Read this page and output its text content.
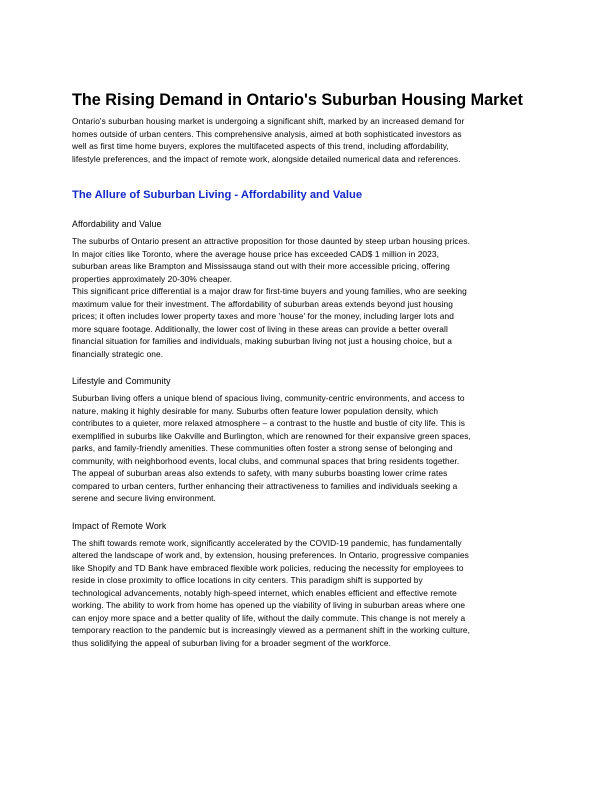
The Rising Demand in Ontario's Suburban Housing Market
Ontario's suburban housing market is undergoing a significant shift, marked by an increased demand for
homes outside of urban centers. This comprehensive analysis, aimed at both sophisticated investors as
well as first time home buyers, explores the multifaceted aspects of this trend, including affordability,
lifestyle preferences, and the impact of remote work, alongside detailed numerical data and references.
The Allure of Suburban Living - Affordability and Value
Affordability and Value
The suburbs of Ontario present an attractive proposition for those daunted by steep urban housing prices.
In major cities like Toronto, where the average house price has exceeded CAD$ 1 million in 2023,
suburban areas like Brampton and Mississauga stand out with their more accessible pricing, offering
properties approximately 20-30% cheaper.
This significant price differential is a major draw for first-time buyers and young families, who are seeking
maximum value for their investment. The affordability of suburban areas extends beyond just housing
prices; it often includes lower property taxes and more 'house' for the money, including larger lots and
more square footage. Additionally, the lower cost of living in these areas can provide a better overall
financial situation for families and individuals, making suburban living not just a housing choice, but a
financially strategic one.
Lifestyle and Community
Suburban living offers a unique blend of spacious living, community-centric environments, and access to
nature, making it highly desirable for many. Suburbs often feature lower population density, which
contributes to a quieter, more relaxed atmosphere – a contrast to the hustle and bustle of city life. This is
exemplified in suburbs like Oakville and Burlington, which are renowned for their expansive green spaces,
parks, and family-friendly amenities. These communities often foster a strong sense of belonging and
community, with neighborhood events, local clubs, and communal spaces that bring residents together.
The appeal of suburban areas also extends to safety, with many suburbs boasting lower crime rates
compared to urban centers, further enhancing their attractiveness to families and individuals seeking a
serene and secure living environment.
Impact of Remote Work
The shift towards remote work, significantly accelerated by the COVID-19 pandemic, has fundamentally
altered the landscape of work and, by extension, housing preferences. In Ontario, progressive companies
like Shopify and TD Bank have embraced flexible work policies, reducing the necessity for employees to
reside in close proximity to office locations in city centers. This paradigm shift is supported by
technological advancements, notably high-speed internet, which enables efficient and effective remote
working. The ability to work from home has opened up the viability of living in suburban areas where one
can enjoy more space and a better quality of life, without the daily commute. This change is not merely a
temporary reaction to the pandemic but is increasingly viewed as a permanent shift in the working culture,
thus solidifying the appeal of suburban living for a broader segment of the workforce.
